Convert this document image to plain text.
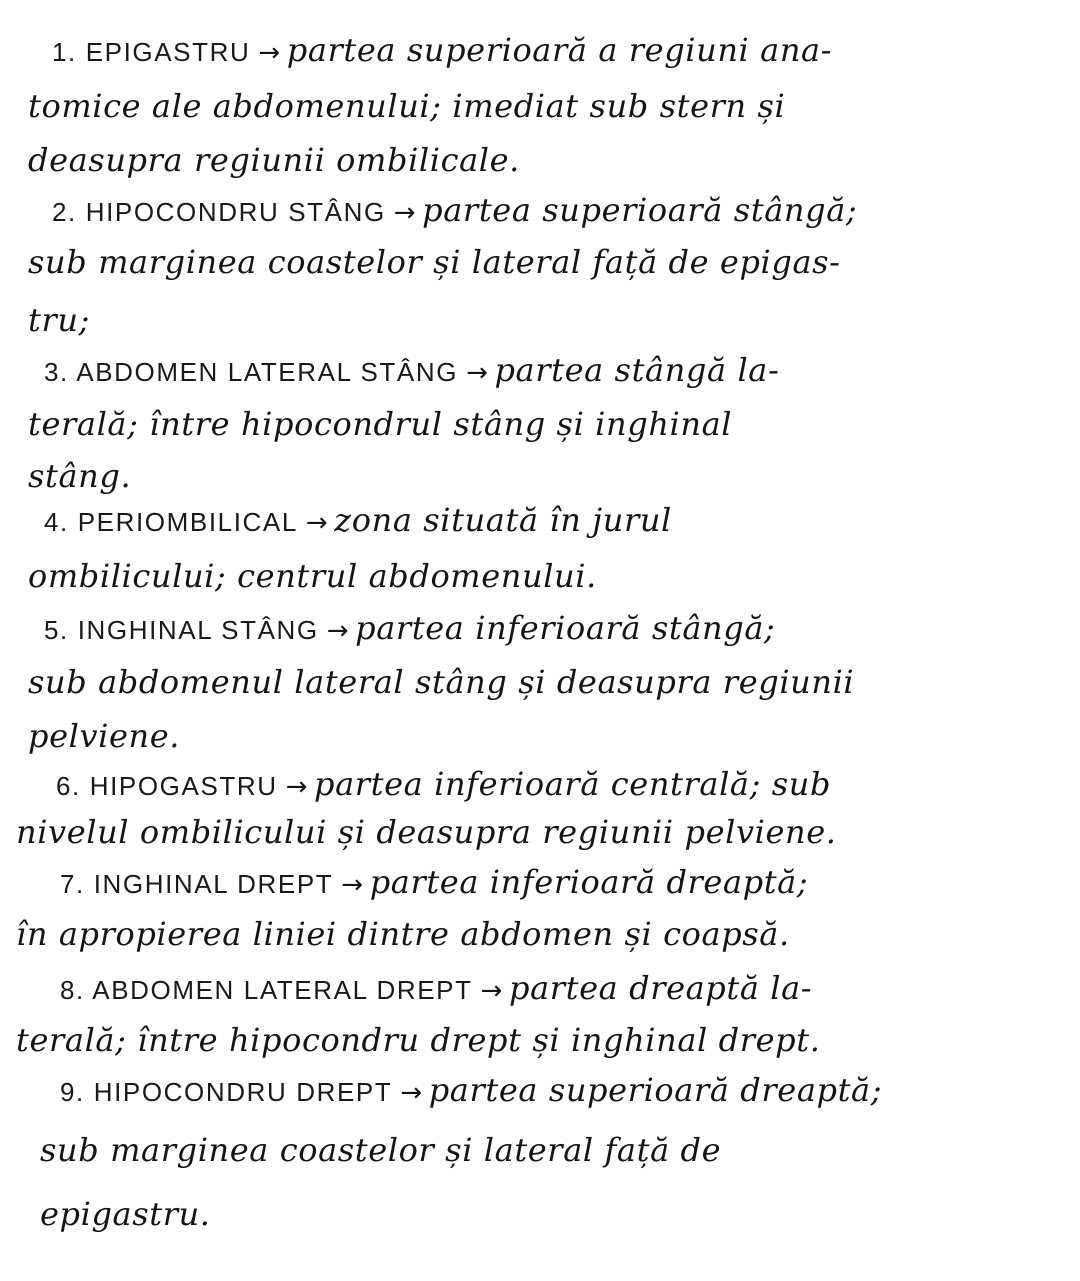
1. EPIGASTRU → partea superioară a regiuni ana-
tomice ale abdomenului; imediat sub stern și
deasupra regiunii ombilicale.
2. HIPOCONDRU STÂNG → partea superioară stângă;
sub marginea coastelor și lateral față de epigas-
tru;
3. ABDOMEN LATERAL STÂNG → partea stângă la-
terală; între hipocondrul stâng și inghinal
stâng.
4. PERIOMBILICAL → zona situată în jurul
ombilicului; centrul abdomenului.
5. INGHINAL STÂNG → partea inferioară stângă;
sub abdomenul lateral stâng și deasupra regiunii
pelviene.
6. HIPOGASTRU → partea inferioară centrală; sub
nivelul ombilicului și deasupra regiunii pelviene.
7. INGHINAL DREPT → partea inferioară dreaptă;
în apropierea liniei dintre abdomen și coapsă.
8. ABDOMEN LATERAL DREPT → partea dreaptă la-
terală; între hipocondru drept și inghinal drept.
9. HIPOCONDRU DREPT → partea superioară dreaptă;
sub marginea coastelor și lateral față de
epigastru.
